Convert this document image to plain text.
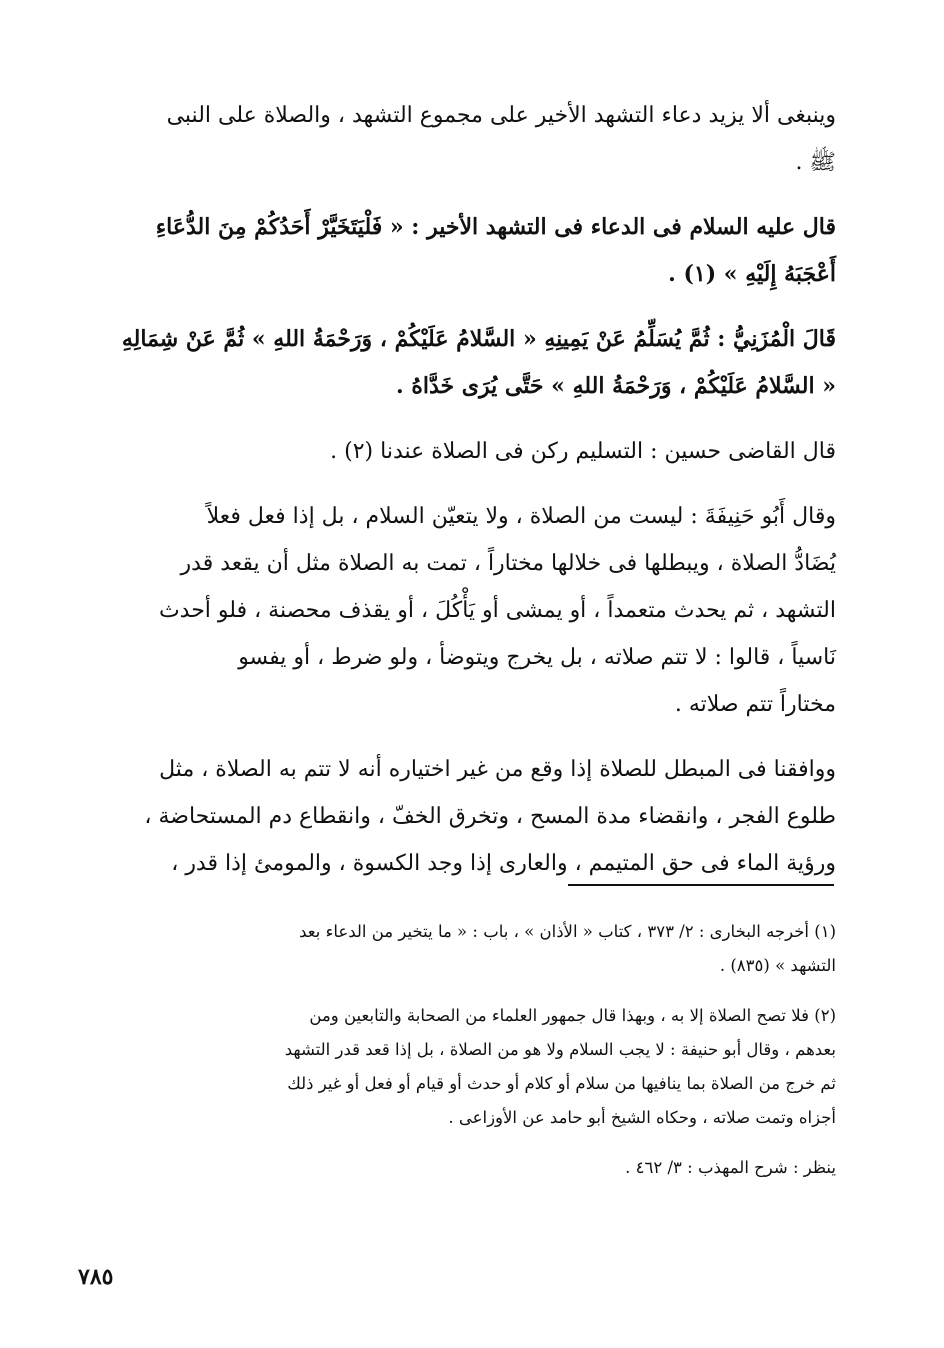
وينبغى ألا يزيد دعاء التشهد الأخير على مجموع التشهد ، والصلاة على النبى
ﷺ .

قال عليه السلام فى الدعاء فى التشهد الأخير : « فَلْيَتَخَيَّرْ أَحَدُكُمْ مِنَ الدُّعَاءِ
أَعْجَبَهُ إِلَيْهِ » (١) .

قَالَ الْمُزَنِيُّ : ثُمَّ يُسَلِّمُ عَنْ يَمِينِهِ « السَّلامُ عَلَيْكُمْ ، وَرَحْمَةُ اللهِ » ثُمَّ عَنْ شِمَالِهِ
« السَّلامُ عَلَيْكُمْ ، وَرَحْمَةُ اللهِ » حَتَّى يُرَى خَدَّاهُ .

قال القاضى حسين : التسليم ركن فى الصلاة عندنا (٢) .

وقال أَبُو حَنِيفَةَ : ليست من الصلاة ، ولا يتعيّن السلام ، بل إذا فعل فعلاً
يُضَادُّ الصلاة ، ويبطلها فى خلالها مختاراً ، تمت به الصلاة مثل أن يقعد قدر
التشهد ، ثم يحدث متعمداً ، أو يمشى أو يَأْكُلَ ، أو يقذف محصنة ، فلو أحدث
نَاسياً ، قالوا : لا تتم صلاته ، بل يخرج ويتوضأ ، ولو ضرط ، أو يفسو
مختاراً تتم صلاته .

ووافقنا فى المبطل للصلاة إذا وقع من غير اختياره أنه لا تتم به الصلاة ، مثل
طلوع الفجر ، وانقضاء مدة المسح ، وتخرق الخفّ ، وانقطاع دم المستحاضة ،
ورؤية الماء فى حق المتيمم ، والعارى إذا وجد الكسوة ، والمومئ إذا قدر ،

(١) أخرجه البخارى : ٢/ ٣٧٣ ، كتاب « الأذان » ، باب : « ما يتخير من الدعاء بعد
التشهد » (٨٣٥) .

(٢) فلا تصح الصلاة إلا به ، وبهذا قال جمهور العلماء من الصحابة والتابعين ومن
بعدهم ، وقال أبو حنيفة : لا يجب السلام ولا هو من الصلاة ، بل إذا قعد قدر التشهد
ثم خرج من الصلاة بما ينافيها من سلام أو كلام أو حدث أو قيام أو فعل أو غير ذلك
أجزاه وتمت صلاته ، وحكاه الشيخ أبو حامد عن الأوزاعى .

ينظر : شرح المهذب : ٣/ ٤٦٢ .

٧٨٥
